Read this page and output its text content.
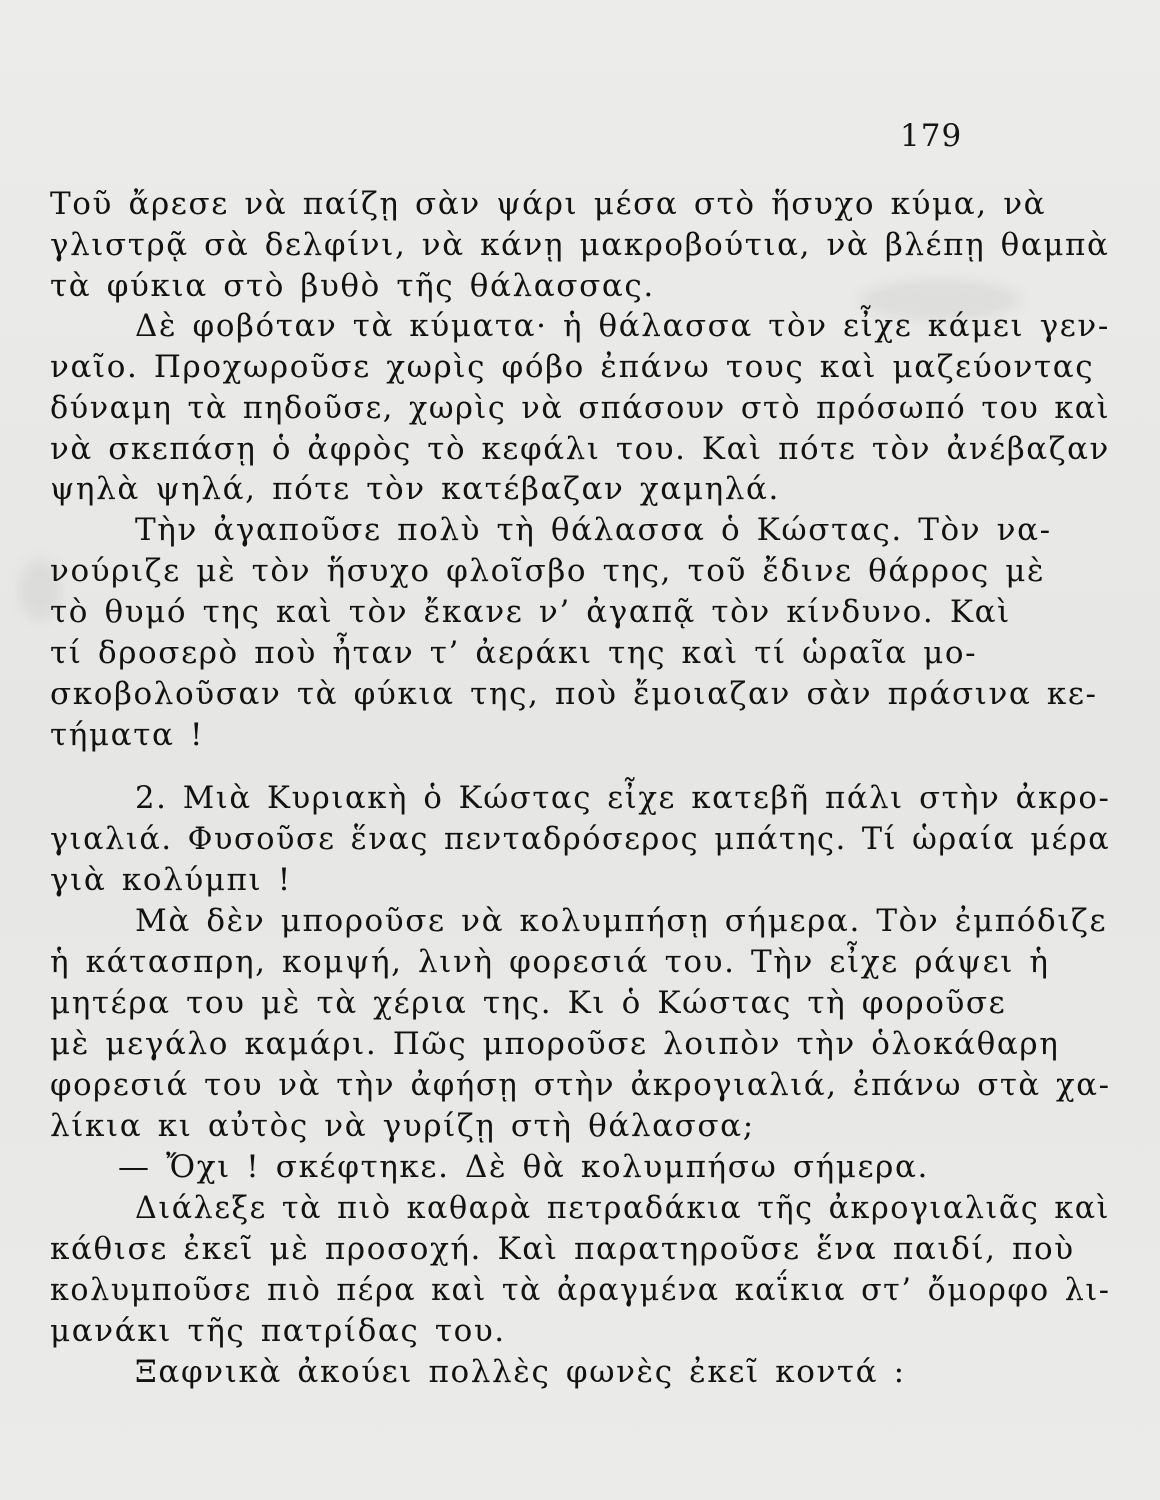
179
Τοῦ ἄρεσε νὰ παίζῃ σὰν ψάρι μέσα στὸ ἥσυχο κύμα, νὰ
γλιστρᾷ σὰ δελφίνι, νὰ κάνῃ μακροβούτια, νὰ βλέπῃ θαμπὰ
τὰ φύκια στὸ βυθὸ τῆς θάλασσας.
Δὲ φοβόταν τὰ κύματα· ἡ θάλασσα τὸν εἶχε κάμει γεν-
ναῖο. Προχωροῦσε χωρὶς φόβο ἐπάνω τους καὶ μαζεύοντας
δύναμη τὰ πηδοῦσε, χωρὶς νὰ σπάσουν στὸ πρόσωπό του καὶ
νὰ σκεπάσῃ ὁ ἀφρὸς τὸ κεφάλι του. Καὶ πότε τὸν ἀνέβαζαν
ψηλὰ ψηλά, πότε τὸν κατέβαζαν χαμηλά.
Τὴν ἀγαποῦσε πολὺ τὴ θάλασσα ὁ Κώστας. Τὸν να-
νούριζε μὲ τὸν ἥσυχο φλοῖσβο της, τοῦ ἔδινε θάρρος μὲ
τὸ θυμό της καὶ τὸν ἔκανε ν’ ἀγαπᾷ τὸν κίνδυνο. Καὶ
τί δροσερὸ ποὺ ἦταν τ’ ἀεράκι της καὶ τί ὡραῖα μο-
σκοβολοῦσαν τὰ φύκια της, ποὺ ἔμοιαζαν σὰν πράσινα κε-
τήματα !
2. Μιὰ Κυριακὴ ὁ Κώστας εἶχε κατεβῆ πάλι στὴν ἀκρο-
γιαλιά. Φυσοῦσε ἕνας πενταδρόσερος μπάτης. Τί ὡραία μέρα
γιὰ κολύμπι !
Μὰ δὲν μποροῦσε νὰ κολυμπήσῃ σήμερα. Τὸν ἐμπόδιζε
ἡ κάτασπρη, κομψή, λινὴ φορεσιά του. Τὴν εἶχε ράψει ἡ
μητέρα του μὲ τὰ χέρια της. Κι ὁ Κώστας τὴ φοροῦσε
μὲ μεγάλο καμάρι. Πῶς μποροῦσε λοιπὸν τὴν ὁλοκάθαρη
φορεσιά του νὰ τὴν ἀφήσῃ στὴν ἀκρογιαλιά, ἐπάνω στὰ χα-
λίκια κι αὐτὸς νὰ γυρίζῃ στὴ θάλασσα;
— Ὄχι ! σκέφτηκε. Δὲ θὰ κολυμπήσω σήμερα.
Διάλεξε τὰ πιὸ καθαρὰ πετραδάκια τῆς ἀκρογιαλιᾶς καὶ
κάθισε ἐκεῖ μὲ προσοχή. Καὶ παρατηροῦσε ἕνα παιδί, ποὺ
κολυμποῦσε πιὸ πέρα καὶ τὰ ἀραγμένα καΐκια στ’ ὄμορφο λι-
μανάκι τῆς πατρίδας του.
Ξαφνικὰ ἀκούει πολλὲς φωνὲς ἐκεῖ κοντά :
